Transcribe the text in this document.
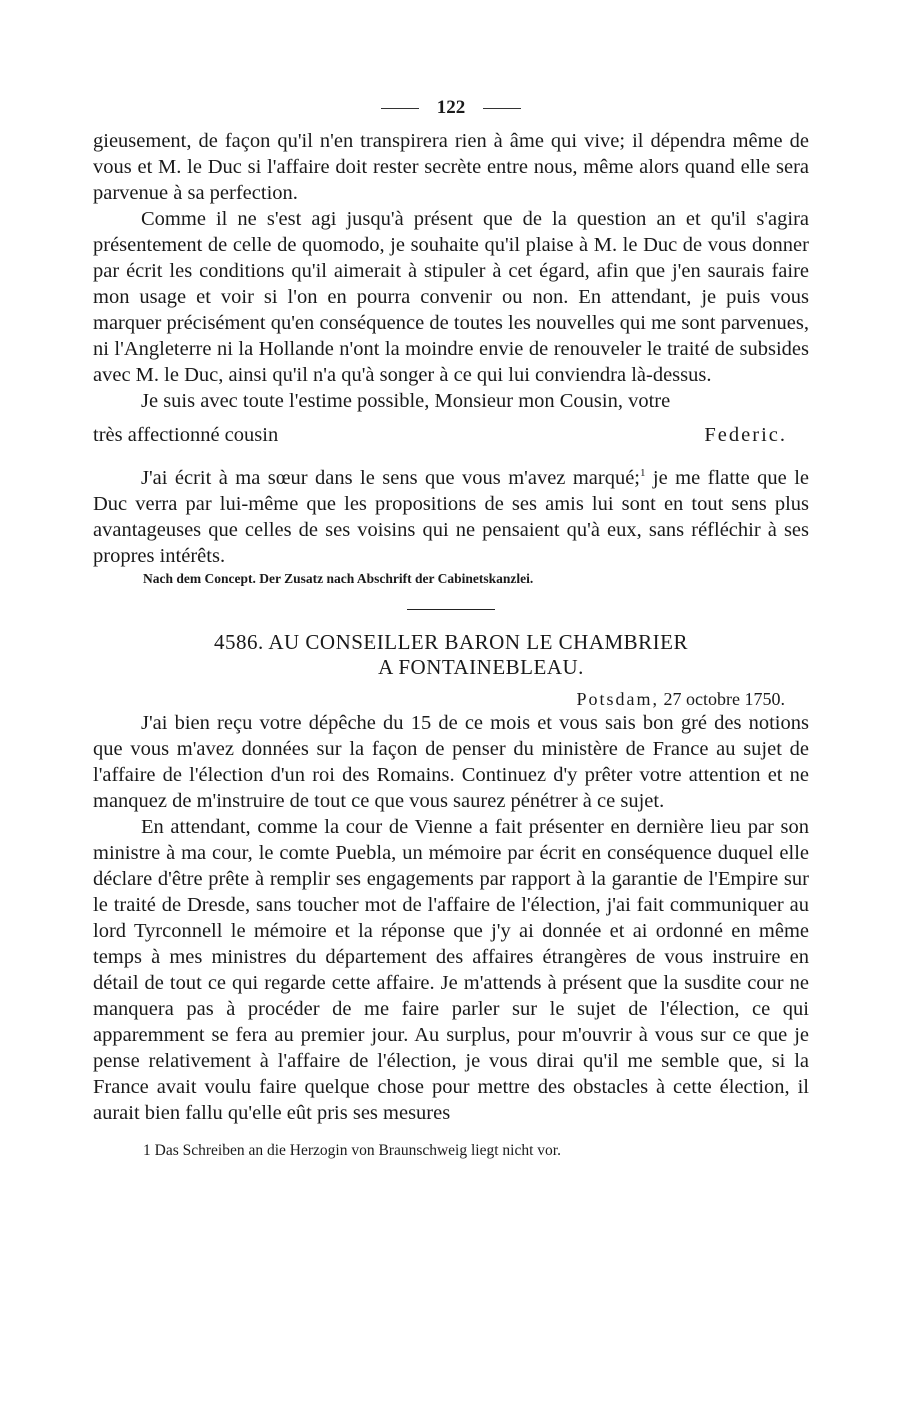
122

gieusement, de façon qu'il n'en transpirera rien à âme qui vive; il dépendra même de vous et M. le Duc si l'affaire doit rester secrète entre nous, même alors quand elle sera parvenue à sa perfection.

Comme il ne s'est agi jusqu'à présent que de la question an et qu'il s'agira présentement de celle de quomodo, je souhaite qu'il plaise à M. le Duc de vous donner par écrit les conditions qu'il aimerait à stipuler à cet égard, afin que j'en saurais faire mon usage et voir si l'on en pourra convenir ou non. En attendant, je puis vous marquer précisément qu'en conséquence de toutes les nouvelles qui me sont parvenues, ni l'Angleterre ni la Hollande n'ont la moindre envie de renouveler le traité de subsides avec M. le Duc, ainsi qu'il n'a qu'à songer à ce qui lui conviendra là-dessus.

Je suis avec toute l'estime possible, Monsieur mon Cousin, votre

très affectionné cousin	Federic.

J'ai écrit à ma sœur dans le sens que vous m'avez marqué;$^1$ je me flatte que le Duc verra par lui-même que les propositions de ses amis lui sont en tout sens plus avantageuses que celles de ses voisins qui ne pensaient qu'à eux, sans réfléchir à ses propres intérêts.

Nach dem Concept. Der Zusatz nach Abschrift der Cabinetskanzlei.
4586. AU CONSEILLER BARON LE CHAMBRIER
A FONTAINEBLEAU.
Potsdam, 27 octobre 1750.

J'ai bien reçu votre dépêche du 15 de ce mois et vous sais bon gré des notions que vous m'avez données sur la façon de penser du ministère de France au sujet de l'affaire de l'élection d'un roi des Romains. Continuez d'y prêter votre attention et ne manquez de m'instruire de tout ce que vous saurez pénétrer à ce sujet.

En attendant, comme la cour de Vienne a fait présenter en dernière lieu par son ministre à ma cour, le comte Puebla, un mémoire par écrit en conséquence duquel elle déclare d'être prête à remplir ses engagements par rapport à la garantie de l'Empire sur le traité de Dresde, sans toucher mot de l'affaire de l'élection, j'ai fait communiquer au lord Tyrconnell le mémoire et la réponse que j'y ai donnée et ai ordonné en même temps à mes ministres du département des affaires étrangères de vous instruire en détail de tout ce qui regarde cette affaire. Je m'attends à présent que la susdite cour ne manquera pas à procéder de me faire parler sur le sujet de l'élection, ce qui apparemment se fera au premier jour. Au surplus, pour m'ouvrir à vous sur ce que je pense relativement à l'affaire de l'élection, je vous dirai qu'il me semble que, si la France avait voulu faire quelque chose pour mettre des obstacles à cette élection, il aurait bien fallu qu'elle eût pris ses mesures

1 Das Schreiben an die Herzogin von Braunschweig liegt nicht vor.
